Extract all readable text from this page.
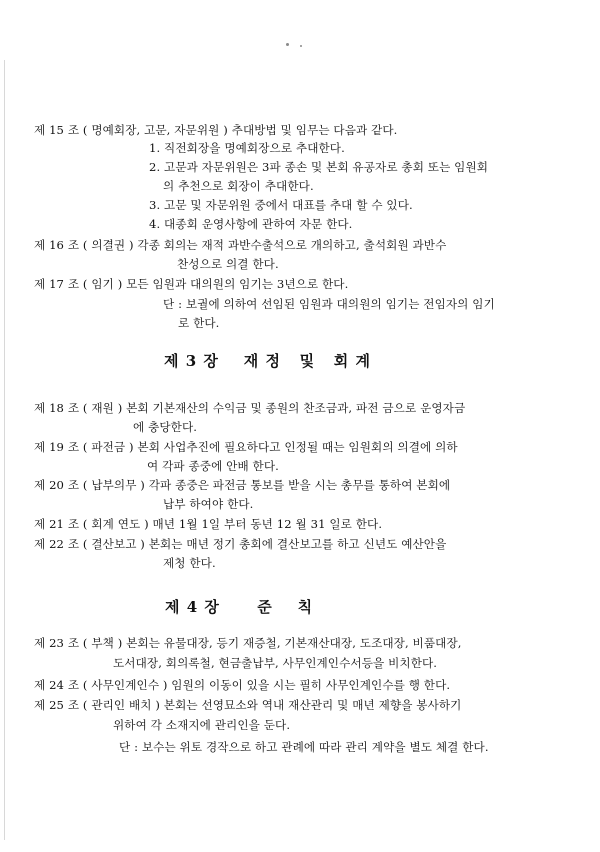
제 15 조 ( 명예회장, 고문, 자문위원 ) 추대방법 및 임무는 다음과 같다.
1. 직전회장을 명예회장으로 추대한다.
2. 고문과 자문위원은 3파 종손 및 본회 유공자로 총회 또는 임원회
의 추천으로 회장이 추대한다.
3. 고문 및 자문위원 중에서 대표를 추대 할 수 있다.
4. 대종회 운영사항에 관하여 자문 한다.
제 16 조 ( 의결권 ) 각종 회의는 재적 과반수출석으로 개의하고, 출석회원 과반수
찬성으로 의결 한다.
제 17 조 ( 임기 ) 모든 임원과 대의원의 임기는 3년으로 한다.
단 : 보궐에 의하여 선임된 임원과 대의원의 임기는 전임자의 임기
로 한다.
제 3 장    재 정   및   회 계
제 18 조 ( 재원 ) 본회 기본재산의 수익금 및 종원의 찬조금과, 파전 금으로 운영자금
에 충당한다.
제 19 조 ( 파전금 ) 본회 사업추진에 필요하다고 인정될 때는 임원회의 의결에 의하
여 각파 종중에 안배 한다.
제 20 조 ( 납부의무 ) 각파 종중은 파전금 통보를 받을 시는 총무를 통하여 본회에
납부 하여야 한다.
제 21 조 ( 회계 연도 ) 매년 1월 1일 부터 동년 12 월 31 일로 한다.
제 22 조 ( 결산보고 ) 본회는 매년 정기 총회에 결산보고를 하고 신년도 예산안을
제청 한다.
제 4 장      준    칙
제 23 조 ( 부책 ) 본회는 유물대장, 등기 재증철, 기본재산대장, 도조대장, 비품대장,
도서대장, 회의록철, 현금출납부, 사무인계인수서등을 비치한다.
제 24 조 ( 사무인계인수 ) 임원의 이동이 있을 시는 필히 사무인계인수를 행 한다.
제 25 조 ( 관리인 배치 ) 본회는 선영묘소와 역내 재산관리 및 매년 제향을 봉사하기
위하여 각 소재지에 관리인을 둔다.
단 : 보수는 위토 경작으로 하고 관례에 따라 관리 계약을 별도 체결 한다.
